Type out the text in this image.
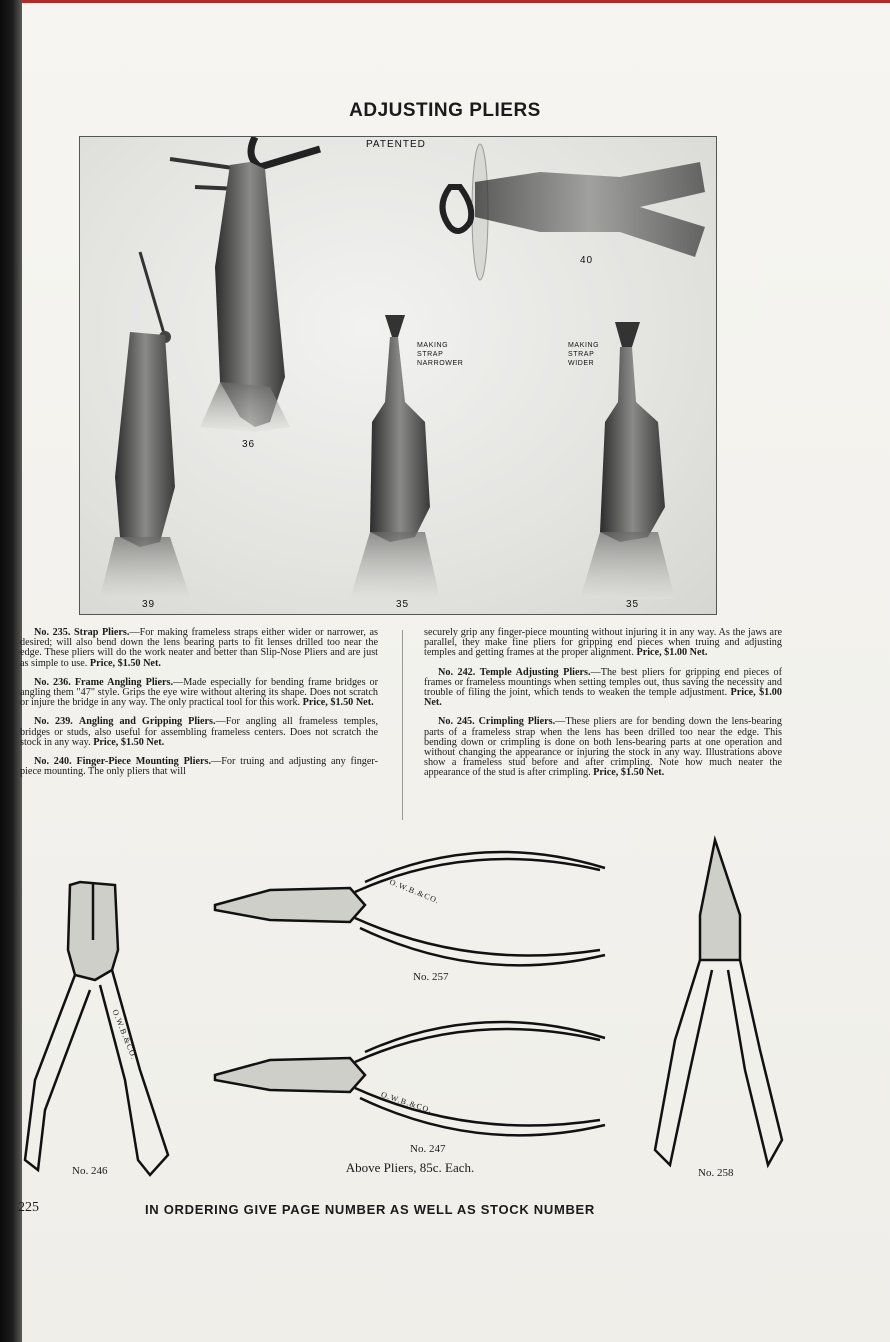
ADJUSTING PLIERS
PATENTED
40
36
39	35	35
MAKING
STRAP
NARROWER
MAKING
STRAP
WIDER

No. 235. Strap Pliers.—For making frameless straps either wider or narrower, as desired; will also bend down the lens bearing parts to fit lenses drilled too near the edge. These pliers will do the work neater and better than Slip-Nose Pliers and are just as simple to use. Price, $1.50 Net.

No. 236. Frame Angling Pliers.—Made especially for bending frame bridges or angling them "47" style. Grips the eye wire without altering its shape. Does not scratch or injure the bridge in any way. The only practical tool for this work. Price, $1.50 Net.

No. 239. Angling and Gripping Pliers.—For angling all frameless temples, bridges or studs, also useful for assembling frameless centers. Does not scratch the stock in any way. Price, $1.50 Net.

No. 240. Finger-Piece Mounting Pliers.—For truing and adjusting any finger-piece mounting. The only pliers that will

securely grip any finger-piece mounting without injuring it in any way. As the jaws are parallel, they make fine pliers for gripping end pieces when truing and adjusting temples and getting frames at the proper alignment. Price, $1.00 Net.

No. 242. Temple Adjusting Pliers.—The best pliers for gripping end pieces of frames or frameless mountings when setting temples out, thus saving the necessity and trouble of filing the joint, which tends to weaken the temple adjustment. Price, $1.00 Net.

No. 245. Crimpling Pliers.—These pliers are for bending down the lens-bearing parts of a frameless strap when the lens has been drilled too near the edge. This bending down or crimpling is done on both lens-bearing parts at one operation and without changing the appearance or injuring the stock in any way. Illustrations above show a frameless stud before and after crimpling. Note how much neater the appearance of the stud is after crimpling. Price, $1.50 Net.

O.W.B.&CO.
O.W.B.&CO.
O.W.B.&CO.
No. 246
No. 257
No. 247
No. 258
Above Pliers, 85c. Each.
225	IN ORDERING GIVE PAGE NUMBER AS WELL AS STOCK NUMBER
